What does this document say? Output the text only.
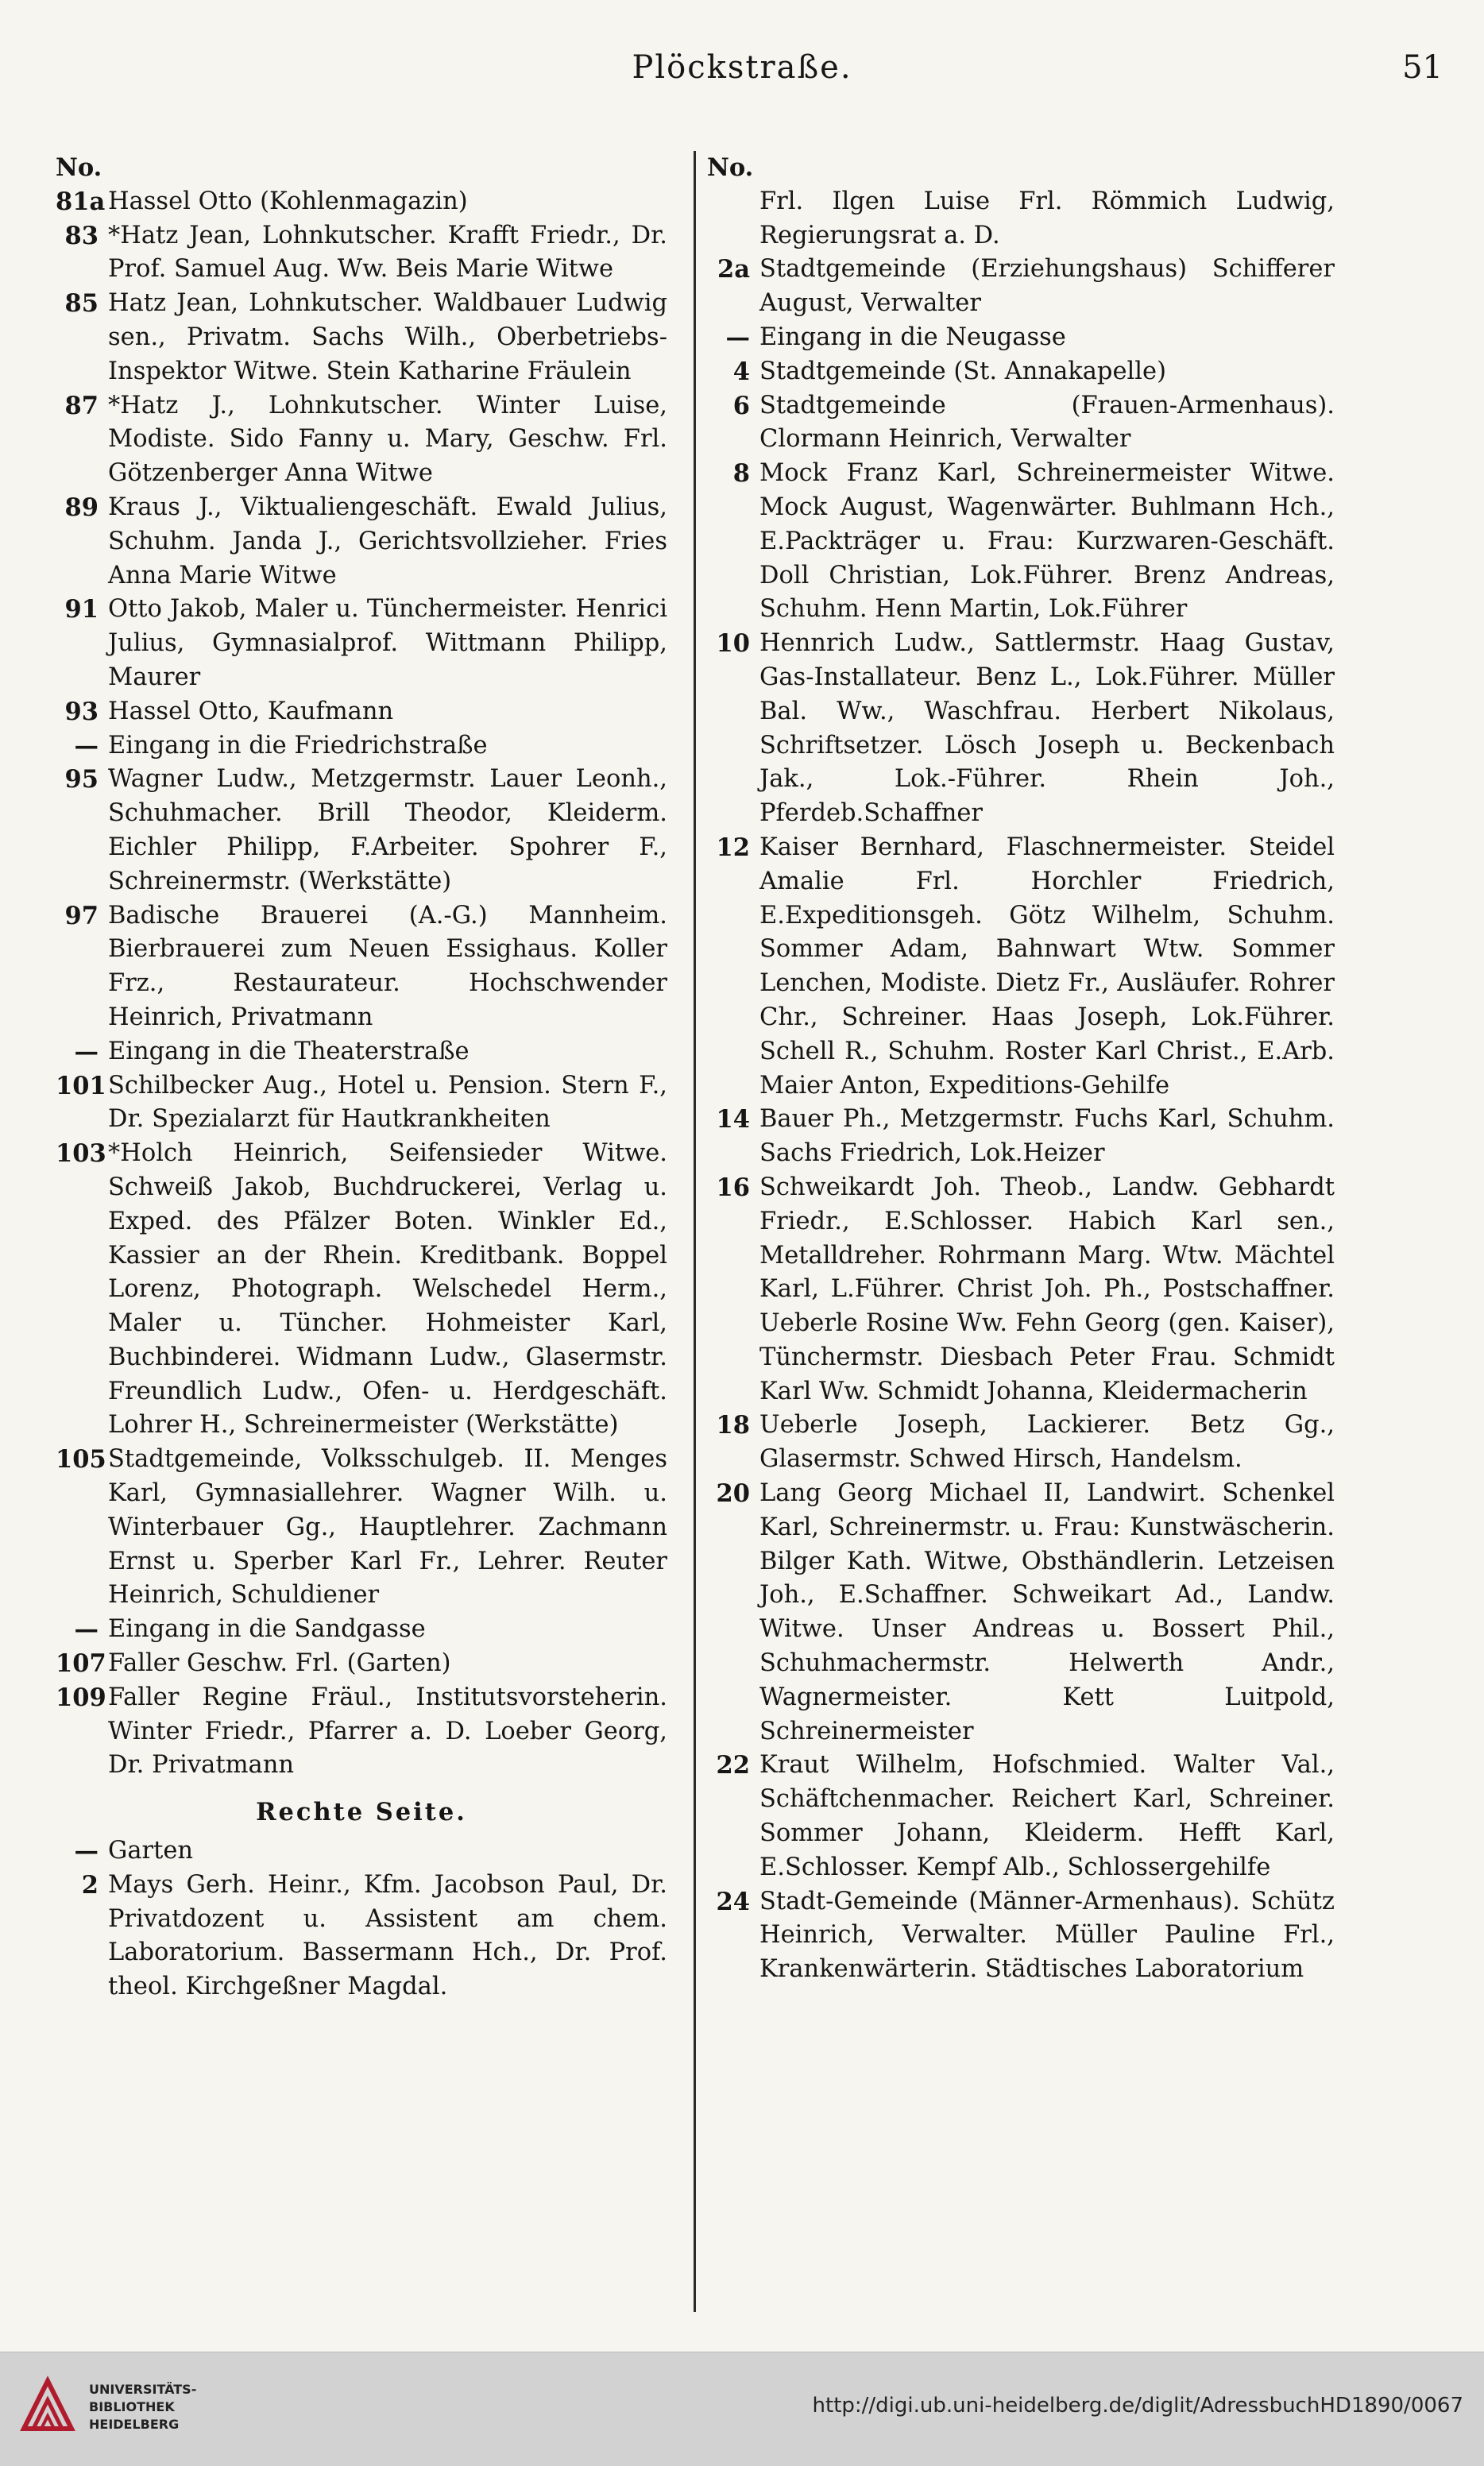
Plöckstraße.	51
No.
81a Hassel Otto (Kohlenmagazin)
83 *Hatz Jean, Lohnkutscher. Krafft Friedr., Dr. Prof. Samuel Aug. Ww. Beis Marie Witwe
85 Hatz Jean, Lohnkutscher. Waldbauer Ludwig sen., Privatm. Sachs Wilh., Oberbetriebs-Inspektor Witwe. Stein Katharine Fräulein
87 *Hatz J., Lohnkutscher. Winter Luise, Modiste. Sido Fanny u. Mary, Geschw. Frl. Götzenberger Anna Witwe
89 Kraus J., Viktualiengeschäft. Ewald Julius, Schuhm. Janda J., Gerichtsvollzieher. Fries Anna Marie Witwe
91 Otto Jakob, Maler u. Tünchermeister. Henrici Julius, Gymnasialprof. Wittmann Philipp, Maurer
93 Hassel Otto, Kaufmann
— Eingang in die Friedrichstraße
95 Wagner Ludw., Metzgermstr. Lauer Leonh., Schuhmacher. Brill Theodor, Kleiderm. Eichler Philipp, F.Arbeiter. Spohrer F., Schreinermstr. (Werkstätte)
97 Badische Brauerei (A.-G.) Mannheim. Bierbrauerei zum Neuen Essighaus. Koller Frz., Restaurateur. Hochschwender Heinrich, Privatmann
— Eingang in die Theaterstraße
101 Schilbecker Aug., Hotel u. Pension. Stern F., Dr. Spezialarzt für Hautkrankheiten
103 *Holch Heinrich, Seifensieder Witwe. Schweiß Jakob, Buchdruckerei, Verlag u. Exped. des Pfälzer Boten. Winkler Ed., Kassier an der Rhein. Kreditbank. Boppel Lorenz, Photograph. Welschedel Herm., Maler u. Tüncher. Hohmeister Karl, Buchbinderei. Widmann Ludw., Glasermstr. Freundlich Ludw., Ofen- u. Herdgeschäft. Lohrer H., Schreinermeister (Werkstätte)
105 Stadtgemeinde, Volksschulgeb. II. Menges Karl, Gymnasiallehrer. Wagner Wilh. u. Winterbauer Gg., Hauptlehrer. Zachmann Ernst u. Sperber Karl Fr., Lehrer. Reuter Heinrich, Schuldiener
— Eingang in die Sandgasse
107 Faller Geschw. Frl. (Garten)
109 Faller Regine Fräul., Institutsvorsteherin. Winter Friedr., Pfarrer a. D. Loeber Georg, Dr. Privatmann
Rechte Seite.
— Garten
2 Mays Gerh. Heinr., Kfm. Jacobson Paul, Dr. Privatdozent u. Assistent am chem. Laboratorium. Bassermann Hch., Dr. Prof. theol. Kirchgeßner Magdal.
No.
Frl. Ilgen Luise Frl. Römmich Ludwig, Regierungsrat a. D.
2a Stadtgemeinde (Erziehungshaus) Schifferer August, Verwalter
— Eingang in die Neugasse
4 Stadtgemeinde (St. Annakapelle)
6 Stadtgemeinde (Frauen-Armenhaus). Clormann Heinrich, Verwalter
8 Mock Franz Karl, Schreinermeister Witwe. Mock August, Wagenwärter. Buhlmann Hch., E.Packträger u. Frau: Kurzwaren-Geschäft. Doll Christian, Lok.Führer. Brenz Andreas, Schuhm. Henn Martin, Lok.Führer
10 Hennrich Ludw., Sattlermstr. Haag Gustav, Gas-Installateur. Benz L., Lok.Führer. Müller Bal. Ww., Waschfrau. Herbert Nikolaus, Schriftsetzer. Lösch Joseph u. Beckenbach Jak., Lok.-Führer. Rhein Joh., Pferdeb.Schaffner
12 Kaiser Bernhard, Flaschnermeister. Steidel Amalie Frl. Horchler Friedrich, E.Expeditionsgeh. Götz Wilhelm, Schuhm. Sommer Adam, Bahnwart Wtw. Sommer Lenchen, Modiste. Dietz Fr., Ausläufer. Rohrer Chr., Schreiner. Haas Joseph, Lok.Führer. Schell R., Schuhm. Roster Karl Christ., E.Arb. Maier Anton, Expeditions-Gehilfe
14 Bauer Ph., Metzgermstr. Fuchs Karl, Schuhm. Sachs Friedrich, Lok.Heizer
16 Schweikardt Joh. Theob., Landw. Gebhardt Friedr., E.Schlosser. Habich Karl sen., Metalldreher. Rohrmann Marg. Wtw. Mächtel Karl, L.Führer. Christ Joh. Ph., Postschaffner. Ueberle Rosine Ww. Fehn Georg (gen. Kaiser), Tünchermstr. Diesbach Peter Frau. Schmidt Karl Ww. Schmidt Johanna, Kleidermacherin
18 Ueberle Joseph, Lackierer. Betz Gg., Glasermstr. Schwed Hirsch, Handelsm.
20 Lang Georg Michael II, Landwirt. Schenkel Karl, Schreinermstr. u. Frau: Kunstwäscherin. Bilger Kath. Witwe, Obsthändlerin. Letzeisen Joh., E.Schaffner. Schweikart Ad., Landw. Witwe. Unser Andreas u. Bossert Phil., Schuhmachermstr. Helwerth Andr., Wagnermeister. Kett Luitpold, Schreinermeister
22 Kraut Wilhelm, Hofschmied. Walter Val., Schäftchenmacher. Reichert Karl, Schreiner. Sommer Johann, Kleiderm. Hefft Karl, E.Schlosser. Kempf Alb., Schlossergehilfe
24 Stadt-Gemeinde (Männer-Armenhaus). Schütz Heinrich, Verwalter. Müller Pauline Frl., Krankenwärterin. Städtisches Laboratorium
UNIVERSITÄTS-
BIBLIOTHEK
HEIDELBERG
http://digi.ub.uni-heidelberg.de/diglit/AdressbuchHD1890/0067
